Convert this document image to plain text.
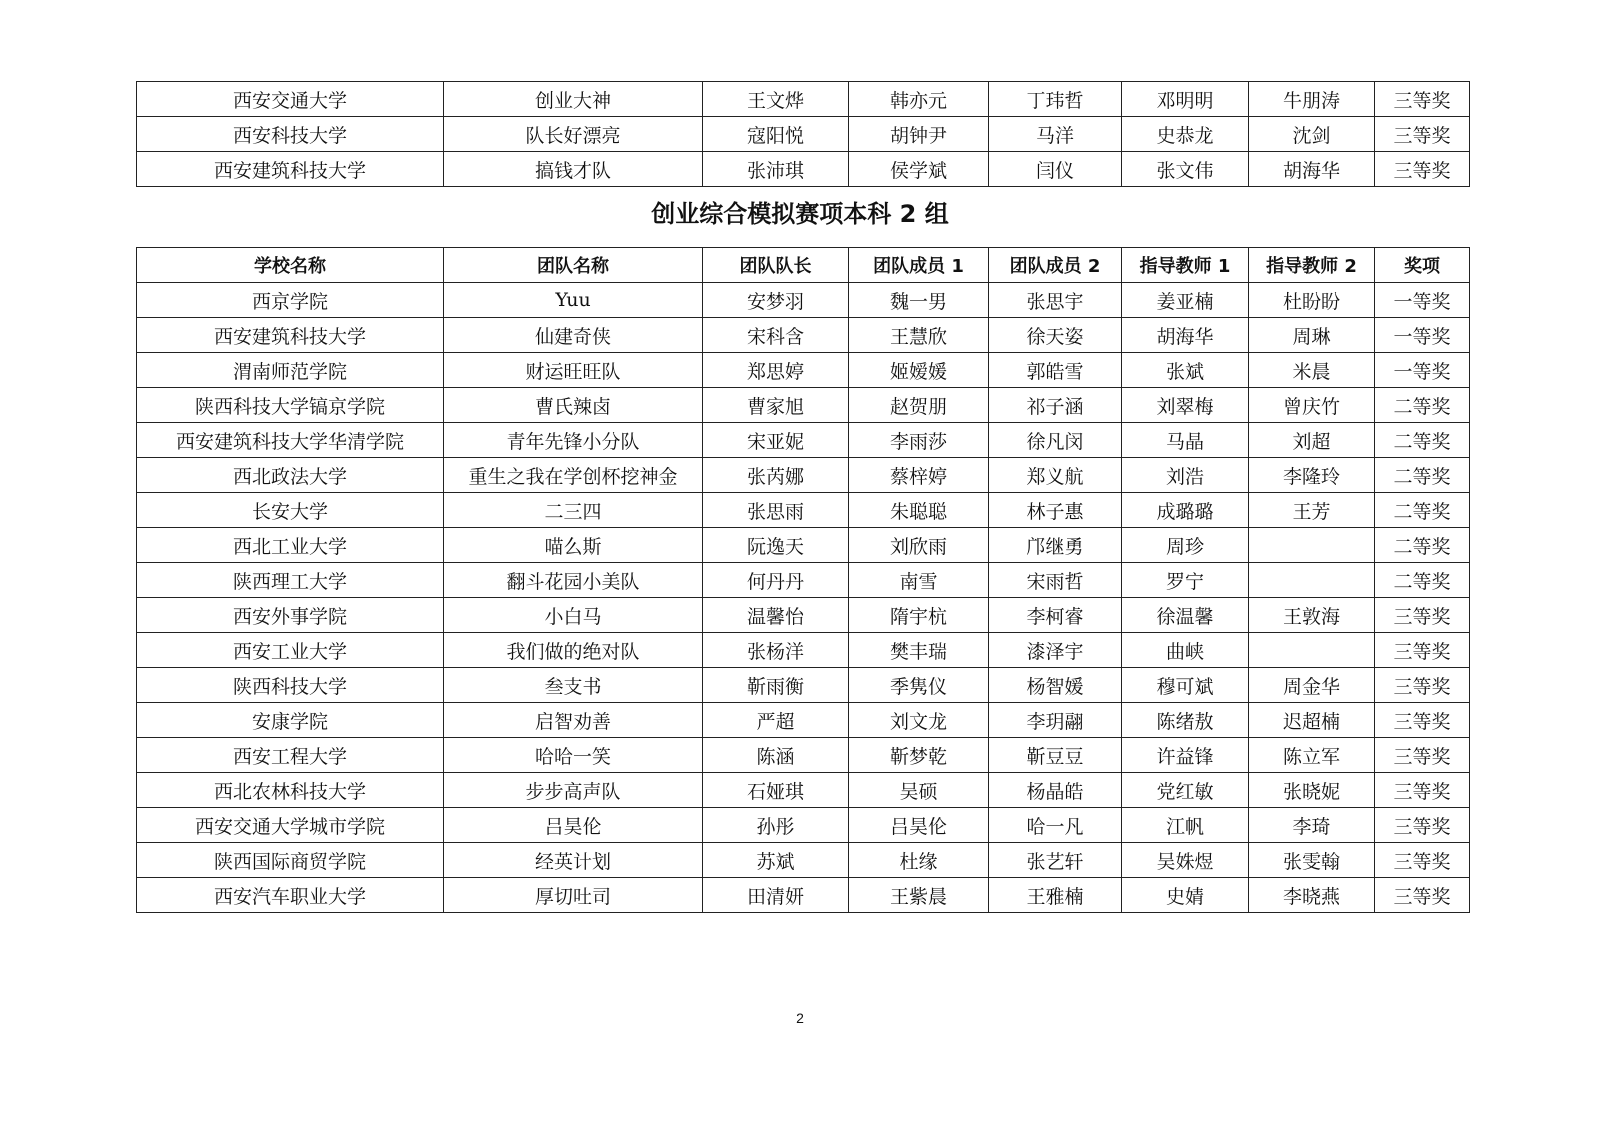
西安交通大学	创业大神	王文烨	韩亦元	丁玮哲	邓明明	牛朋涛	三等奖
西安科技大学	队长好漂亮	寇阳悦	胡钟尹	马洋	史恭龙	沈剑	三等奖
西安建筑科技大学	搞钱才队	张沛琪	侯学斌	闫仪	张文伟	胡海华	三等奖
创业综合模拟赛项本科 2 组
学校名称	团队名称	团队队长	团队成员 1	团队成员 2	指导教师 1	指导教师 2	奖项
西京学院	Yuu	安梦羽	魏一男	张思宇	姜亚楠	杜盼盼	一等奖
西安建筑科技大学	仙建奇侠	宋科含	王慧欣	徐天姿	胡海华	周琳	一等奖
渭南师范学院	财运旺旺队	郑思婷	姬嫒媛	郭皓雪	张斌	米晨	一等奖
陕西科技大学镐京学院	曹氏辣卤	曹家旭	赵贺朋	祁子涵	刘翠梅	曾庆竹	二等奖
西安建筑科技大学华清学院	青年先锋小分队	宋亚妮	李雨莎	徐凡闵	马晶	刘超	二等奖
西北政法大学	重生之我在学创杯挖神金	张芮娜	蔡梓婷	郑义航	刘浩	李隆玲	二等奖
长安大学	二三四	张思雨	朱聪聪	林子惠	成璐璐	王芳	二等奖
西北工业大学	喵么斯	阮逸天	刘欣雨	邝继勇	周珍		二等奖
陕西理工大学	翻斗花园小美队	何丹丹	南雪	宋雨哲	罗宁		二等奖
西安外事学院	小白马	温馨怡	隋宇杭	李柯睿	徐温馨	王敦海	三等奖
西安工业大学	我们做的绝对队	张杨洋	樊丰瑞	漆泽宇	曲峡		三等奖
陕西科技大学	叁支书	靳雨衡	季隽仪	杨智媛	穆可斌	周金华	三等奖
安康学院	启智劝善	严超	刘文龙	李玥翮	陈绪敖	迟超楠	三等奖
西安工程大学	哈哈一笑	陈涵	靳梦乾	靳豆豆	许益锋	陈立军	三等奖
西北农林科技大学	步步高声队	石娅琪	吴硕	杨晶皓	党红敏	张晓妮	三等奖
西安交通大学城市学院	吕昊伦	孙彤	吕昊伦	哈一凡	江帆	李琦	三等奖
陕西国际商贸学院	经英计划	苏斌	杜缘	张艺轩	吴姝煜	张雯翰	三等奖
西安汽车职业大学	厚切吐司	田清妍	王紫晨	王雅楠	史婧	李晓燕	三等奖
2
